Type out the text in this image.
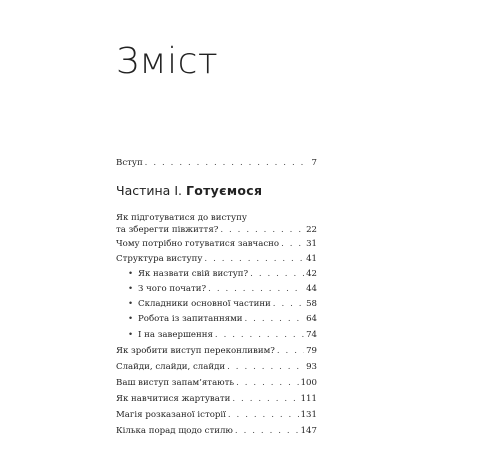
Зміст
Вступ . . .	7
Частина І. Готуємося
Як підготуватися до виступу
та зберегти півжиття? . . .	22
Чому потрібно готуватися завчасно . . .	31
Структура виступу . . .	41
• Як назвати свій виступ? . . .	42
• З чого почати? . . .	44
• Складники основної частини . . .	58
• Робота із запитаннями . . .	64
• І на завершення . . .	74
Як зробити виступ переконливим? . . .	79
Слайди, слайди, слайди . . .	93
Ваш виступ запам’ятають . . .	100
Як навчитися жартувати . . .	111
Магія розказаної історії . . .	131
Кілька порад щодо стилю . . .	147
